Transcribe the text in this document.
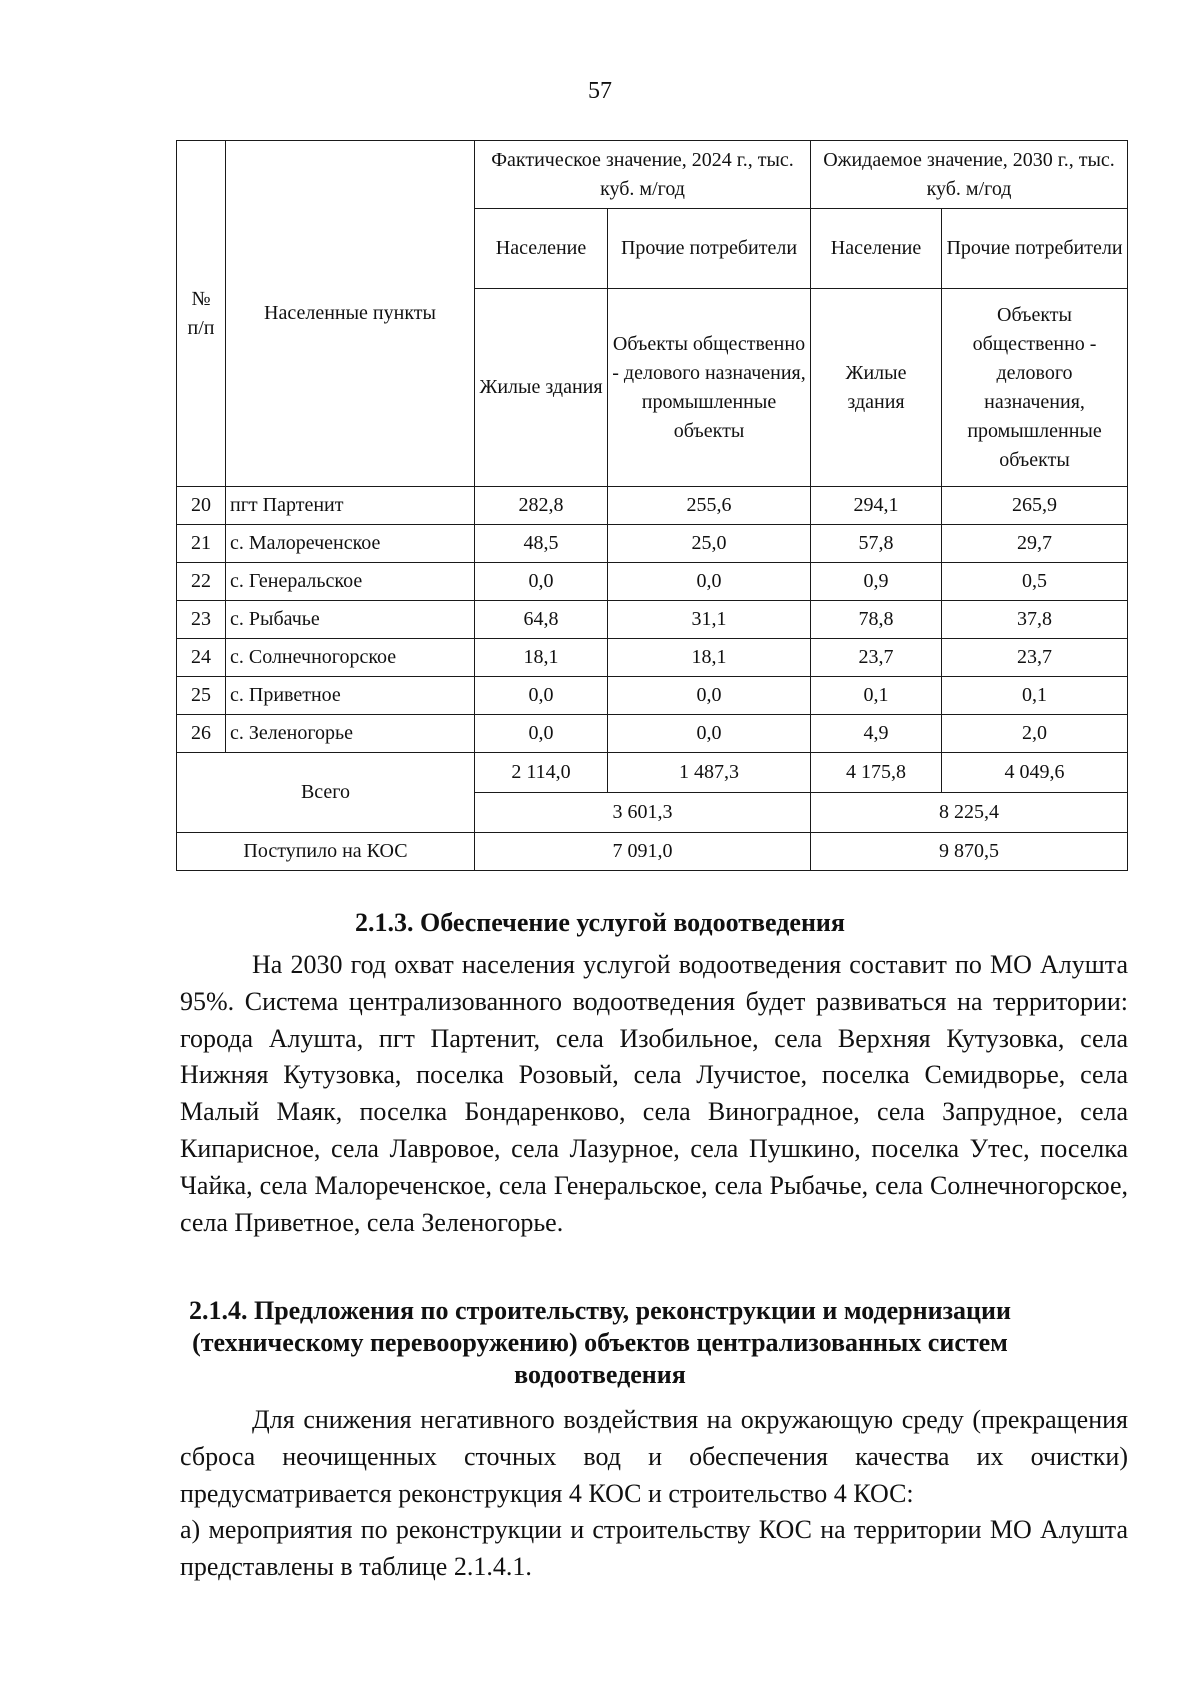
57
№ п/п	Населенные пункты	Фактическое значение, 2024 г., тыс. куб. м/год		Ожидаемое значение, 2030 г., тыс. куб. м/год	
		Население	Прочие потребители	Население	Прочие потребители
		Жилые здания	Объекты общественно - делового назначения, промышленные объекты	Жилые здания	Объекты общественно - делового назначения, промышленные объекты
20	пгт Партенит	282,8	255,6	294,1	265,9
21	с. Малореченское	48,5	25,0	57,8	29,7
22	с. Генеральское	0,0	0,0	0,9	0,5
23	с. Рыбачье	64,8	31,1	78,8	37,8
24	с. Солнечногорское	18,1	18,1	23,7	23,7
25	с. Приветное	0,0	0,0	0,1	0,1
26	с. Зеленогорье	0,0	0,0	4,9	2,0
Всего		2 114,0	1 487,3	4 175,8	4 049,6
		3 601,3		8 225,4	
Поступило на КОС		7 091,0		9 870,5	
2.1.3. Обеспечение услугой водоотведения

На 2030 год охват населения услугой водоотведения составит по МО Алушта 95%. Система централизованного водоотведения будет развиваться на территории: города Алушта, пгт Партенит, села Изобильное, села Верхняя Кутузовка, села Нижняя Кутузовка, поселка Розовый, села Лучистое, поселка Семидворье, села Малый Маяк, поселка Бондаренково, села Виноградное, села Запрудное, села Кипарисное, села Лавровое, села Лазурное, села Пушкино, поселка Утес, поселка Чайка, села Малореченское, села Генеральское, села Рыбачье, села Солнечногорское, села Приветное, села Зеленогорье.

2.1.4. Предложения по строительству, реконструкции и модернизации
(техническому перевооружению) объектов централизованных систем
водоотведения

Для снижения негативного воздействия на окружающую среду (прекращения сброса неочищенных сточных вод и обеспечения качества их очистки) предусматривается реконструкция 4 КОС и строительство 4 КОС:

а) мероприятия по реконструкции и строительству КОС на территории МО Алушта представлены в таблице 2.1.4.1.
